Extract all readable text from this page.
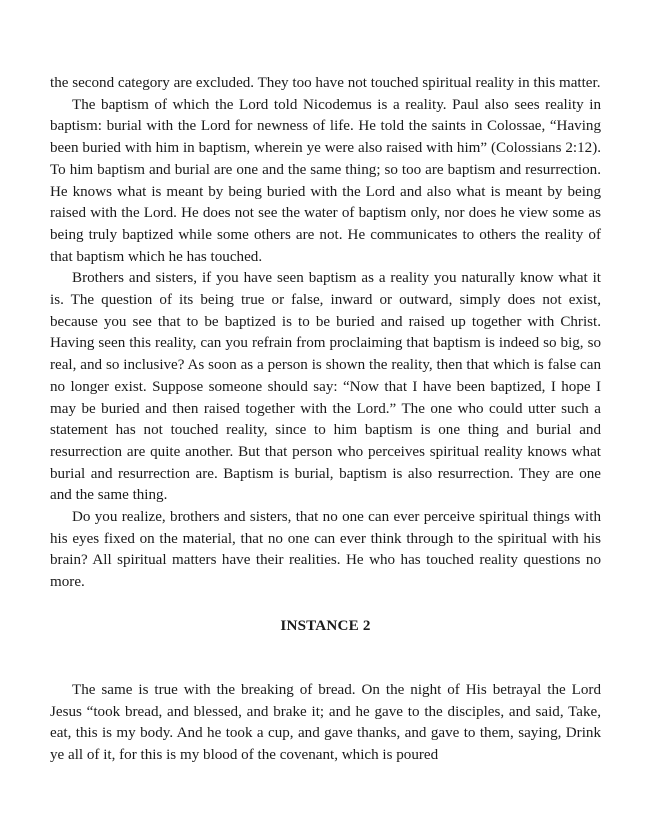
the second category are excluded. They too have not touched spiritual reality in this matter.

The baptism of which the Lord told Nicodemus is a reality. Paul also sees reality in baptism: burial with the Lord for newness of life. He told the saints in Colossae, “Having been buried with him in baptism, wherein ye were also raised with him” (Colossians 2:12). To him baptism and burial are one and the same thing; so too are baptism and resurrection. He knows what is meant by being buried with the Lord and also what is meant by being raised with the Lord. He does not see the water of baptism only, nor does he view some as being truly baptized while some others are not. He communicates to others the reality of that baptism which he has touched.

Brothers and sisters, if you have seen baptism as a reality you naturally know what it is. The question of its being true or false, inward or outward, simply does not exist, because you see that to be baptized is to be buried and raised up together with Christ. Having seen this reality, can you refrain from proclaiming that baptism is indeed so big, so real, and so inclusive? As soon as a person is shown the reality, then that which is false can no longer exist. Suppose someone should say: “Now that I have been baptized, I hope I may be buried and then raised together with the Lord.” The one who could utter such a statement has not touched reality, since to him baptism is one thing and burial and resurrection are quite another. But that person who perceives spiritual reality knows what burial and resurrection are. Baptism is burial, baptism is also resurrection. They are one and the same thing.

Do you realize, brothers and sisters, that no one can ever perceive spiritual things with his eyes fixed on the material, that no one can ever think through to the spiritual with his brain? All spiritual matters have their realities. He who has touched reality questions no more.

INSTANCE 2

The same is true with the breaking of bread. On the night of His betrayal the Lord Jesus “took bread, and blessed, and brake it; and he gave to the disciples, and said, Take, eat, this is my body. And he took a cup, and gave thanks, and gave to them, saying, Drink ye all of it, for this is my blood of the covenant, which is poured
